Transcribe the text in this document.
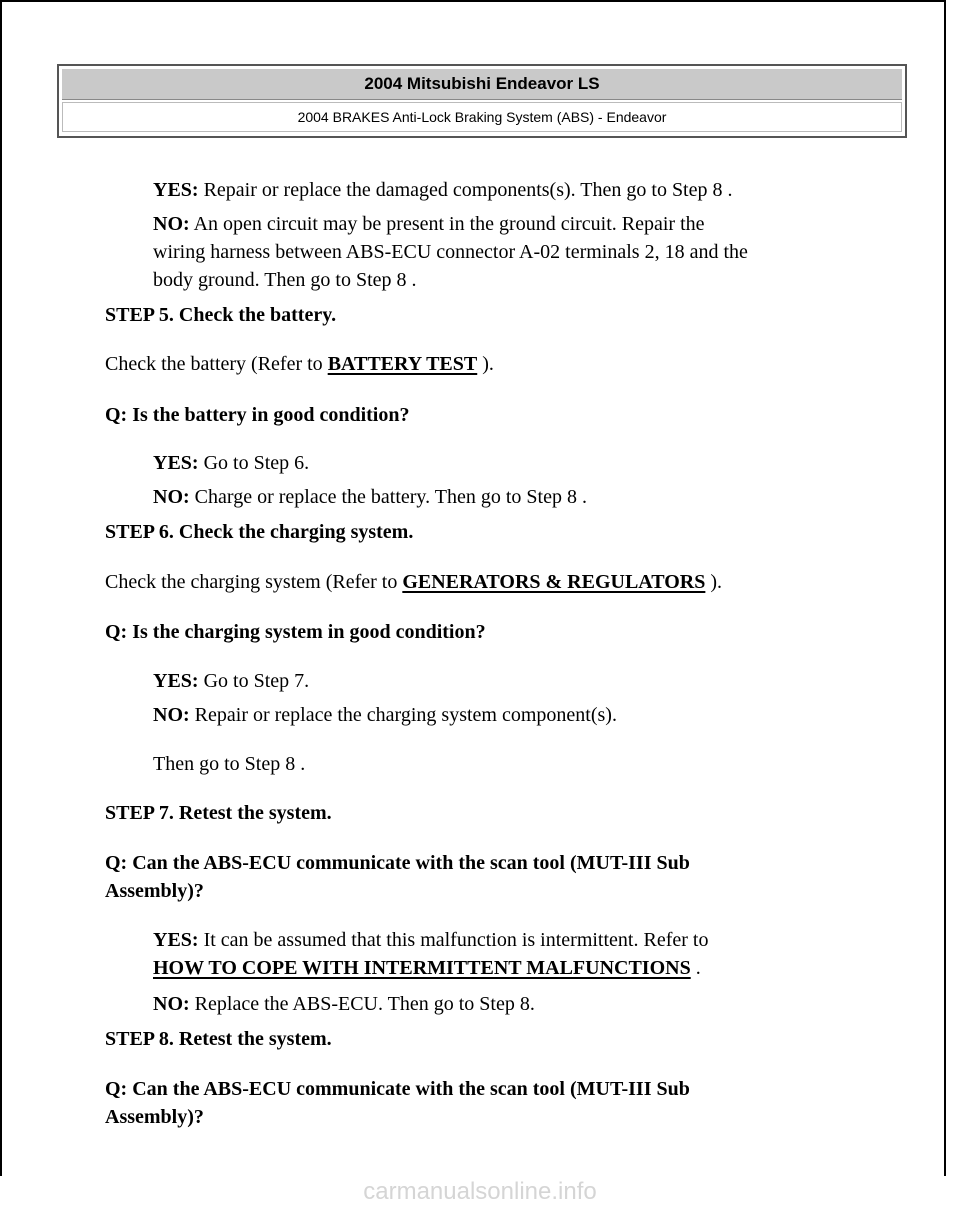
2004 Mitsubishi Endeavor LS
2004 BRAKES Anti-Lock Braking System (ABS) - Endeavor
YES: Repair or replace the damaged components(s). Then go to Step 8 .
NO: An open circuit may be present in the ground circuit. Repair the
wiring harness between ABS-ECU connector A-02 terminals 2, 18 and the
body ground. Then go to Step 8 .
STEP 5. Check the battery.
Check the battery (Refer to BATTERY TEST ).
Q: Is the battery in good condition?
YES: Go to Step 6.
NO: Charge or replace the battery. Then go to Step 8 .
STEP 6. Check the charging system.
Check the charging system (Refer to GENERATORS & REGULATORS ).
Q: Is the charging system in good condition?
YES: Go to Step 7.
NO: Repair or replace the charging system component(s).
Then go to Step 8 .
STEP 7. Retest the system.
Q: Can the ABS-ECU communicate with the scan tool (MUT-III Sub
Assembly)?
YES: It can be assumed that this malfunction is intermittent. Refer to
HOW TO COPE WITH INTERMITTENT MALFUNCTIONS .
NO: Replace the ABS-ECU. Then go to Step 8.
STEP 8. Retest the system.
Q: Can the ABS-ECU communicate with the scan tool (MUT-III Sub
Assembly)?
carmanualsonline.info
